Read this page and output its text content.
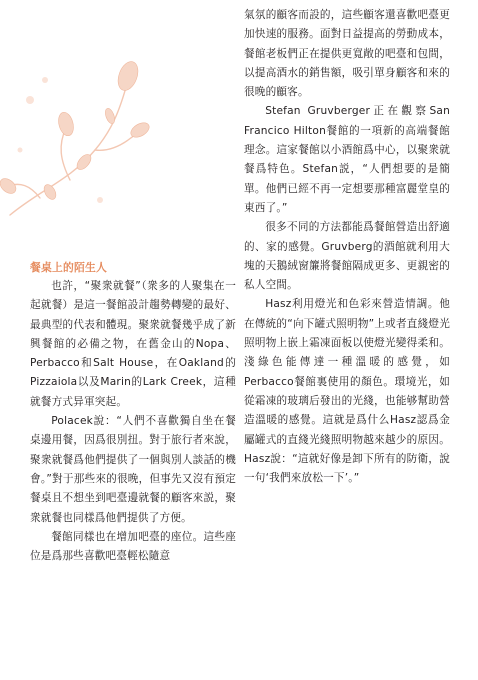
餐桌上的陌生人

也許，“聚衆就餐”（衆多的人聚集在一起就餐）是這一餐館設計趨勢轉變的最好、最典型的代表和體現。聚衆就餐幾乎成了新興餐館的必備之物，在舊金山的Nopa、Perbacco和Salt House，在Oakland的Pizzaiola以及Marin的Lark Creek，這種就餐方式异軍突起。

Polacek說：“人們不喜歡獨自坐在餐桌邊用餐，因爲很別扭。對于旅行者來說，聚衆就餐爲他們提供了一個與別人談話的機會。”對于那些來的很晚，但事先又沒有預定餐桌且不想坐到吧臺邊就餐的顧客來説，聚衆就餐也同樣爲他們提供了方便。

餐館同樣也在增加吧臺的座位。這些座位是爲那些喜歡吧臺輕松隨意

氣氛的顧客而設的，這些顧客還喜歡吧臺更加快速的服務。面對日益提高的勞動成本，餐館老板們正在提供更寬敞的吧臺和包間，以提高酒水的銷售額，吸引單身顧客和來的很晚的顧客。

Stefan Gruvberger正在觀察San Francico Hilton餐館的一項新的高端餐館理念。這家餐館以小酒館爲中心，以聚衆就餐爲特色。Stefan説，“人們想要的是簡單。他們已經不再一定想要那種富麗堂皇的東西了。”

很多不同的方法都能爲餐館營造出舒適的、家的感覺。Gruvberg的酒館就利用大塊的天鵝絨窗簾將餐館隔成更多、更親密的私人空間。

Hasz利用燈光和色彩來營造情調。他在傳統的“向下罐式照明物”上或者直綫燈光照明物上嵌上霜凍面板以使燈光變得柔和。淺綠色能傳達一種溫暖的感覺，如Perbacco餐館裏使用的顏色。環境光，如從霜凍的玻璃后發出的光綫，也能够幫助營造溫暖的感覺。這就是爲什么Hasz認爲金屬罐式的直綫光綫照明物越來越少的原因。Hasz說：“這就好像是卸下所有的防衛，說一句‘我們來放松一下’。”
